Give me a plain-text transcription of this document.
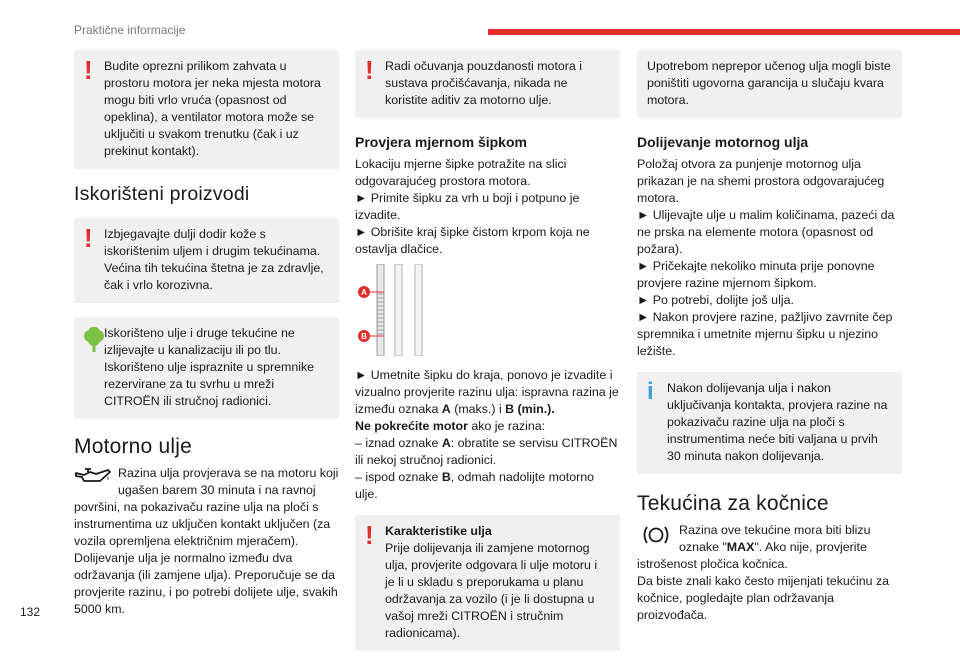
Praktične informacije
132
! Budite oprezni prilikom zahvata u prostoru motora jer neka mjesta motora mogu biti vrlo vruća (opasnost od opeklina), a ventilator motora može se uključiti u svakom trenutku (čak i uz prekinut kontakt).
Iskorišteni proizvodi
! Izbjegavajte dulji dodir kože s iskorištenim uljem i drugim tekućinama. Većina tih tekućina štetna je za zdravlje, čak i vrlo korozivna.
Iskorišteno ulje i druge tekućine ne izlijevajte u kanalizaciju ili po tlu. Iskorišteno ulje ispraznite u spremnike rezervirane za tu svrhu u mreži CITROËN ili stručnoj radionici.
Motorno ulje

Razina ulja provjerava se na motoru koji ugašen barem 30 minuta i na ravnoj površini, na pokazivaču razine ulja na ploči s instrumentima uz uključen kontakt uključen (za vozila opremljena električnim mjeračem). Dolijevanje ulja je normalno između dva održavanja (ili zamjene ulja). Preporučuje se da provjerite razinu, i po potrebi dolijete ulje, svakih 5000 km.

! Radi očuvanja pouzdanosti motora i sustava pročišćavanja, nikada ne koristite aditiv za motorno ulje.
Provjera mjernom šipkom

Lokaciju mjerne šipke potražite na slici odgovarajućeg prostora motora.

► Primite šipku za vrh u boji i potpuno je izvadite.

► Obrišite kraj šipke čistom krpom koja ne ostavlja dlačice.

A
B

► Umetnite šipku do kraja, ponovo je izvadite i vizualno provjerite razinu ulja: ispravna razina je između oznaka A (maks.) i B (min.).

Ne pokrećite motor ako je razina:

– iznad oznake A: obratite se servisu CITROËN ili nekoj stručnoj radionici.

– ispod oznake B, odmah nadolijte motorno ulje.

! Karakteristike ulja
Prije dolijevanja ili zamjene motornog ulja, provjerite odgovara li ulje motoru i je li u skladu s preporukama u planu održavanja za vozilo (i je li dostupna u vašoj mreži CITROËN i stručnim radionicama).
Upotrebom neprepor učenog ulja mogli biste poništiti ugovorna garancija u slučaju kvara motora.
Dolijevanje motornog ulja

Položaj otvora za punjenje motornog ulja prikazan je na shemi prostora odgovarajućeg motora.

► Ulijevajte ulje u malim količinama, pazeći da ne prska na elemente motora (opasnost od požara).

► Pričekajte nekoliko minuta prije ponovne provjere razine mjernom šipkom.

► Po potrebi, dolijte još ulja.

► Nakon provjere razine, pažljivo zavrnite čep spremnika i umetnite mjernu šipku u njezino ležište.

i Nakon dolijevanja ulja i nakon uključivanja kontakta, provjera razine na pokazivaču razine ulja na ploči s instrumentima neće biti valjana u prvih 30 minuta nakon dolijevanja.
Tekućina za kočnice

Razina ove tekućine mora biti blizu oznake "MAX". Ako nije, provjerite istrošenost pločica kočnica.

Da biste znali kako često mijenjati tekućinu za kočnice, pogledajte plan održavanja proizvođača.
